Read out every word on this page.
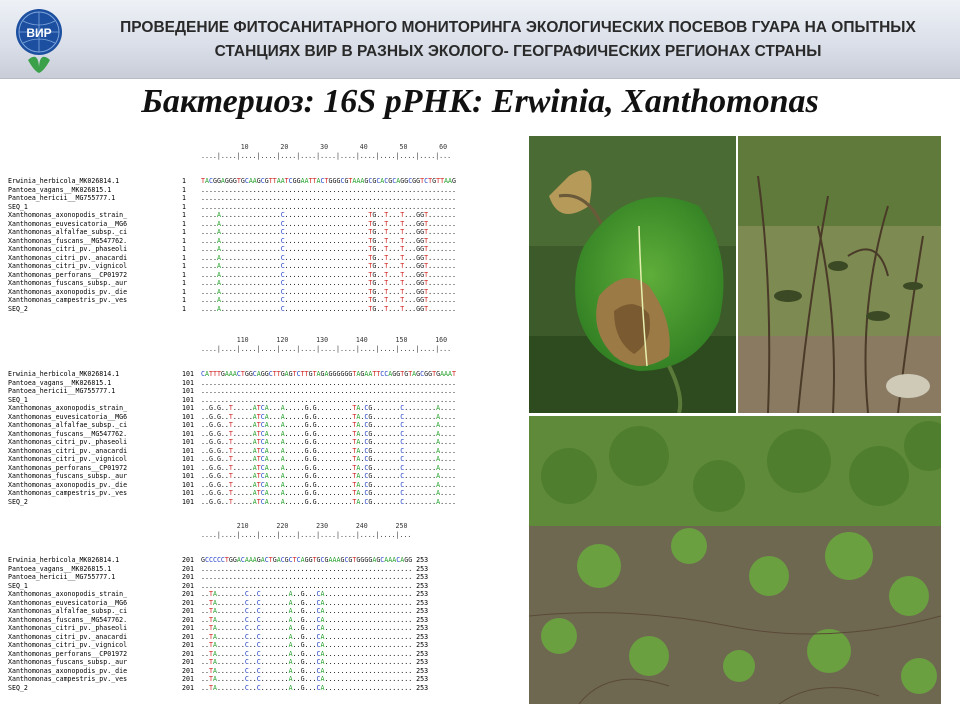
ВИР	ПРОВЕДЕНИЕ ФИТОСАНИТАРНОГО МОНИТОРИНГА ЭКОЛОГИЧЕСКИХ ПОСЕВОВ ГУАРА НА ОПЫТНЫХ
СТАНЦИЯХ ВИР В РАЗНЫХ ЭКОЛОГО- ГЕОГРАФИЧЕСКИХ РЕГИОНАХ СТРАНЫ
Бактериоз: 16S рРНК: Erwinia, Xanthomonas
10        20        30        40        50        60
....|....|....|....|....|....|....|....|....|....|....|....|...
Erwinia_herbicola_MK026814.1	1	TACGGAGGGTGCAAGCGTTAATCGGAATTACTGGGCGTAAAGCGCACGCAGGCGGTCTGTTAAG
Pantoea_vagans__MK026815.1	1	................................................................
Pantoea_hericii__MG755777.1	1	................................................................
SEQ_1	1	................................................................
Xanthomonas_axonopodis_strain_	1	....A...............C.....................TG..T...T...GGT.......
Xanthomonas_euvesicatoria__MG6	1	....A...............C.....................TG..T...T...GGT.......
Xanthomonas_alfalfae_subsp._ci	1	....A...............C.....................TG..T...T...GGT.......
Xanthomonas_fuscans__MG547762.	1	....A...............C.....................TG..T...T...GGT.......
Xanthomonas_citri_pv._phaseoli	1	....A...............C.....................TG..T...T...GGT.......
Xanthomonas_citri_pv._anacardi	1	....A...............C.....................TG..T...T...GGT.......
Xanthomonas_citri_pv._vignicol	1	....A...............C.....................TG..T...T...GGT.......
Xanthomonas_perforans__CP01972	1	....A...............C.....................TG..T...T...GGT.......
Xanthomonas_fuscans_subsp._aur	1	....A...............C.....................TG..T...T...GGT.......
Xanthomonas_axonopodis_pv._die	1	....A...............C.....................TG..T...T...GGT.......
Xanthomonas_campestris_pv._ves	1	....A...............C.....................TG..T...T...GGT.......
SEQ_2	1	....A...............C.....................TG..T...T...GGT.......
110       120       130       140       150       160
....|....|....|....|....|....|....|....|....|....|....|....|...
Erwinia_herbicola_MK026814.1	101	CATTTGAAACTGGCAGGCTTGAGTCTTGTAGAGGGGGGTAGAATTCCAGGTGTAGCGGTGAAAT
Pantoea_vagans__MK026815.1	101	................................................................
Pantoea_hericii__MG755777.1	101	................................................................
SEQ_1	101	................................................................
Xanthomonas_axonopodis_strain_	101	..G.G..T.....ATCA...A.....G.G.........TA.CG.......C........A....
Xanthomonas_euvesicatoria__MG6	101	..G.G..T.....ATCA...A.....G.G.........TA.CG.......C........A....
Xanthomonas_alfalfae_subsp._ci	101	..G.G..T.....ATCA...A.....G.G.........TA.CG.......C........A....
Xanthomonas_fuscans__MG547762.	101	..G.G..T.....ATCA...A.....G.G.........TA.CG.......C........A....
Xanthomonas_citri_pv._phaseoli	101	..G.G..T.....ATCA...A.....G.G.........TA.CG.......C........A....
Xanthomonas_citri_pv._anacardi	101	..G.G..T.....ATCA...A.....G.G.........TA.CG.......C........A....
Xanthomonas_citri_pv._vignicol	101	..G.G..T.....ATCA...A.....G.G.........TA.CG.......C........A....
Xanthomonas_perforans__CP01972	101	..G.G..T.....ATCA...A.....G.G.........TA.CG.......C........A....
Xanthomonas_fuscans_subsp._aur	101	..G.G..T.....ATCA...A.....G.G.........TA.CG.......C........A....
Xanthomonas_axonopodis_pv._die	101	..G.G..T.....ATCA...A.....G.G.........TA.CG.......C........A....
Xanthomonas_campestris_pv._ves	101	..G.G..T.....ATCA...A.....G.G.........TA.CG.......C........A....
SEQ_2	101	..G.G..T.....ATCA...A.....G.G.........TA.CG.......C........A....
210       220       230       240       250
....|....|....|....|....|....|....|....|....|....|...
Erwinia_herbicola_MK026814.1	201	GCCCCCTGGACAAAGACTGACGCTCAGGTGCGAAAGCGTGGGGAGCAAACAGG 253
Pantoea_vagans__MK026815.1	201	..................................................... 253
Pantoea_hericii__MG755777.1	201	..................................................... 253
SEQ_1	201	..................................................... 253
Xanthomonas_axonopodis_strain_	201	..TA.......C..C.......A..G...CA...................... 253
Xanthomonas_euvesicatoria__MG6	201	..TA.......C..C.......A..G...CA...................... 253
Xanthomonas_alfalfae_subsp._ci	201	..TA.......C..C.......A..G...CA...................... 253
Xanthomonas_fuscans__MG547762.	201	..TA.......C..C.......A..G...CA...................... 253
Xanthomonas_citri_pv._phaseoli	201	..TA.......C..C.......A..G...CA...................... 253
Xanthomonas_citri_pv._anacardi	201	..TA.......C..C.......A..G...CA...................... 253
Xanthomonas_citri_pv._vignicol	201	..TA.......C..C.......A..G...CA...................... 253
Xanthomonas_perforans__CP01972	201	..TA.......C..C.......A..G...CA...................... 253
Xanthomonas_fuscans_subsp._aur	201	..TA.......C..C.......A..G...CA...................... 253
Xanthomonas_axonopodis_pv._die	201	..TA.......C..C.......A..G...CA...................... 253
Xanthomonas_campestris_pv._ves	201	..TA.......C..C.......A..G...CA...................... 253
SEQ_2	201	..TA.......C..C.......A..G...CA...................... 253
